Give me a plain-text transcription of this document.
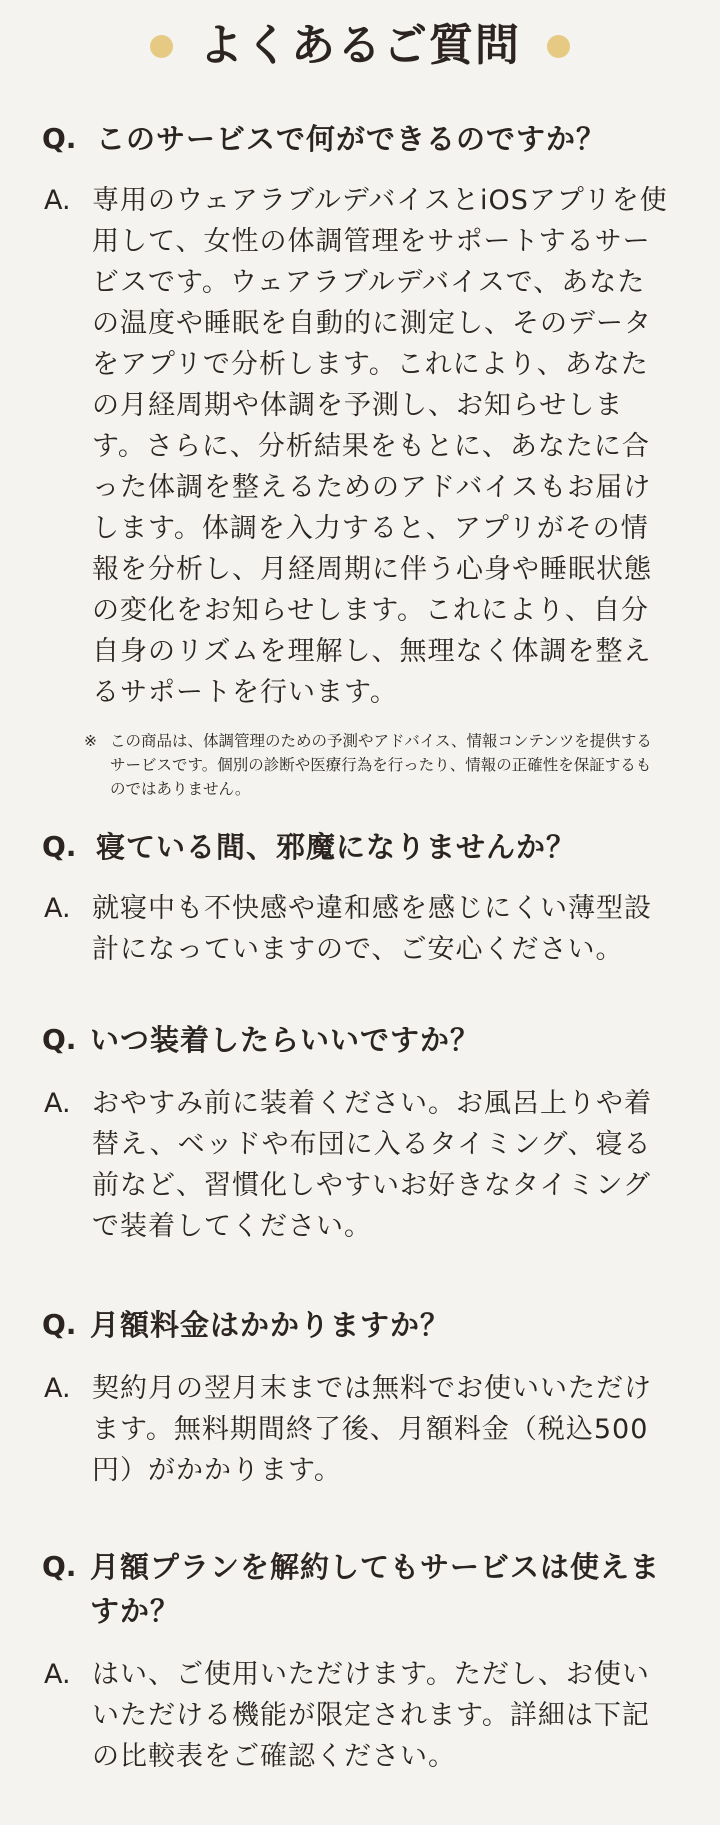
よくあるご質問
Q. このサービスで何ができるのですか？
A. 専用のウェアラブルデバイスとiOSアプリを使用して、女性の体調管理をサポートするサービスです。ウェアラブルデバイスで、あなたの温度や睡眠を自動的に測定し、そのデータをアプリで分析します。これにより、あなたの月経周期や体調を予測し、お知らせします。さらに、分析結果をもとに、あなたに合った体調を整えるためのアドバイスもお届けします。体調を入力すると、アプリがその情報を分析し、月経周期に伴う心身や睡眠状態の変化をお知らせします。これにより、自分自身のリズムを理解し、無理なく体調を整えるサポートを行います。
※ この商品は、体調管理のための予測やアドバイス、情報コンテンツを提供するサービスです。個別の診断や医療行為を行ったり、情報の正確性を保証するものではありません。
Q. 寝ている間、邪魔になりませんか？
A. 就寝中も不快感や違和感を感じにくい薄型設計になっていますので、ご安心ください。
Q. いつ装着したらいいですか？
A. おやすみ前に装着ください。お風呂上りや着替え、ベッドや布団に入るタイミング、寝る前など、習慣化しやすいお好きなタイミングで装着してください。
Q. 月額料金はかかりますか？
A. 契約月の翌月末までは無料でお使いいただけます。無料期間終了後、月額料金（税込500円）がかかります。
Q. 月額プランを解約してもサービスは使えますか？
A. はい、ご使用いただけます。ただし、お使いいただける機能が限定されます。詳細は下記の比較表をご確認ください。
